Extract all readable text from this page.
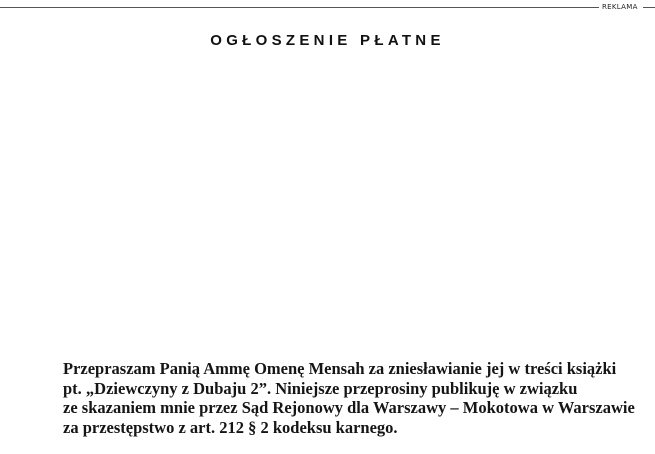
REKLAMA
OGŁOSZENIE PŁATNE
Przepraszam Panią Ammę Omenę Mensah za zniesławianie jej w treści książki
pt. „Dziewczyny z Dubaju 2”. Niniejsze przeprosiny publikuję w związku
ze skazaniem mnie przez Sąd Rejonowy dla Warszawy – Mokotowa w Warszawie
za przestępstwo z art. 212 § 2 kodeksu karnego.
